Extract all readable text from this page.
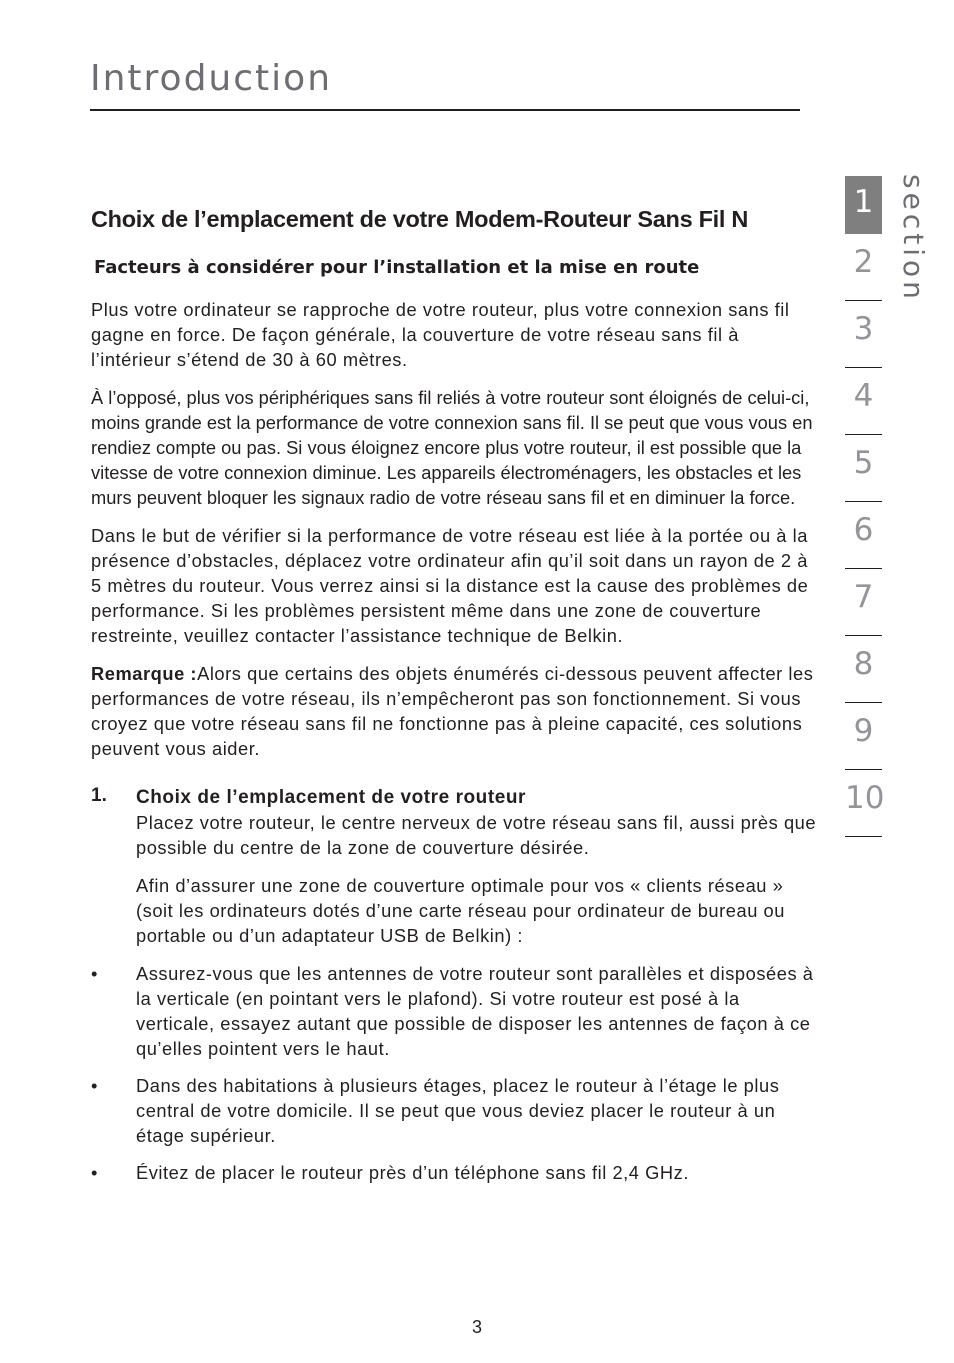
Introduction
section
1
2
3
4
5
6
7
8
9
10
Choix de l’emplacement de votre Modem-Routeur Sans Fil N
Facteurs à considérer pour l’installation et la mise en route

Plus votre ordinateur se rapproche de votre routeur, plus votre connexion sans fil gagne en force. De façon générale, la couverture de votre réseau sans fil à l’intérieur s’étend de 30 à 60 mètres.

À l’opposé, plus vos périphériques sans fil reliés à votre routeur sont éloignés de celui-ci, moins grande est la performance de votre connexion sans fil. Il se peut que vous vous en rendiez compte ou pas. Si vous éloignez encore plus votre routeur, il est possible que la vitesse de votre connexion diminue. Les appareils électroménagers, les obstacles et les murs peuvent bloquer les signaux radio de votre réseau sans fil et en diminuer la force.

Dans le but de vérifier si la performance de votre réseau est liée à la portée ou à la présence d’obstacles, déplacez votre ordinateur afin qu’il soit dans un rayon de 2 à 5 mètres du routeur. Vous verrez ainsi si la distance est la cause des problèmes de performance. Si les problèmes persistent même dans une zone de couverture restreinte, veuillez contacter l’assistance technique de Belkin.

Remarque :Alors que certains des objets énumérés ci-dessous peuvent affecter les performances de votre réseau, ils n’empêcheront pas son fonctionnement. Si vous croyez que votre réseau sans fil ne fonctionne pas à pleine capacité, ces solutions peuvent vous aider.

1. Choix de l’emplacement de votre routeur

Placez votre routeur, le centre nerveux de votre réseau sans fil, aussi près que possible du centre de la zone de couverture désirée.

Afin d’assurer une zone de couverture optimale pour vos « clients réseau » (soit les ordinateurs dotés d’une carte réseau pour ordinateur de bureau ou portable ou d’un adaptateur USB de Belkin) :

• Assurez-vous que les antennes de votre routeur sont parallèles et disposées à la verticale (en pointant vers le plafond). Si votre routeur est posé à la verticale, essayez autant que possible de disposer les antennes de façon à ce qu’elles pointent vers le haut.
• Dans des habitations à plusieurs étages, placez le routeur à l’étage le plus central de votre domicile. Il se peut que vous deviez placer le routeur à un étage supérieur.
• Évitez de placer le routeur près d’un téléphone sans fil 2,4 GHz.
3
